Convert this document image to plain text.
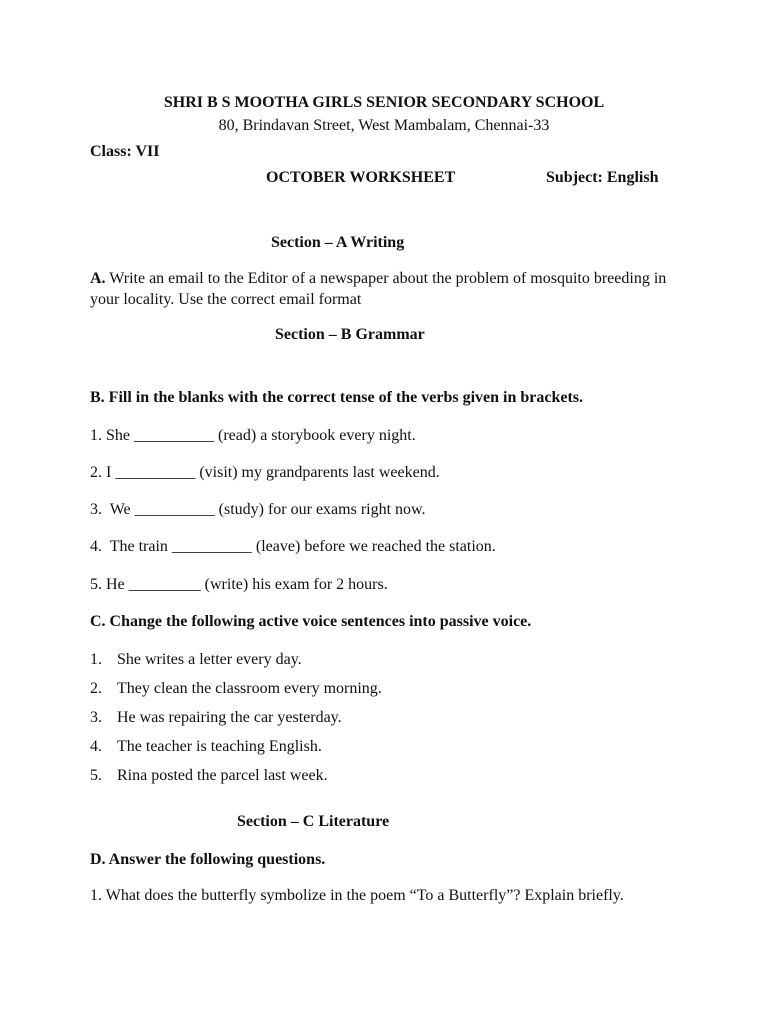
SHRI B S MOOTHA GIRLS SENIOR SECONDARY SCHOOL
80, Brindavan Street, West Mambalam, Chennai-33
Class: VII
OCTOBER WORKSHEET	Subject: English
Section – A Writing

A. Write an email to the Editor of a newspaper about the problem of mosquito breeding in your locality. Use the correct email format

Section – B Grammar
B. Fill in the blanks with the correct tense of the verbs given in brackets.
1. She __________ (read) a storybook every night.
2. I __________ (visit) my grandparents last weekend.
3.  We __________ (study) for our exams right now.
4.  The train __________ (leave) before we reached the station.
5. He _________ (write) his exam for 2 hours.
C. Change the following active voice sentences into passive voice.
1. She writes a letter every day.
2. They clean the classroom every morning.
3. He was repairing the car yesterday.
4. The teacher is teaching English.
5. Rina posted the parcel last week.
Section – C Literature
D. Answer the following questions.
1. What does the butterfly symbolize in the poem “To a Butterfly”? Explain briefly.
